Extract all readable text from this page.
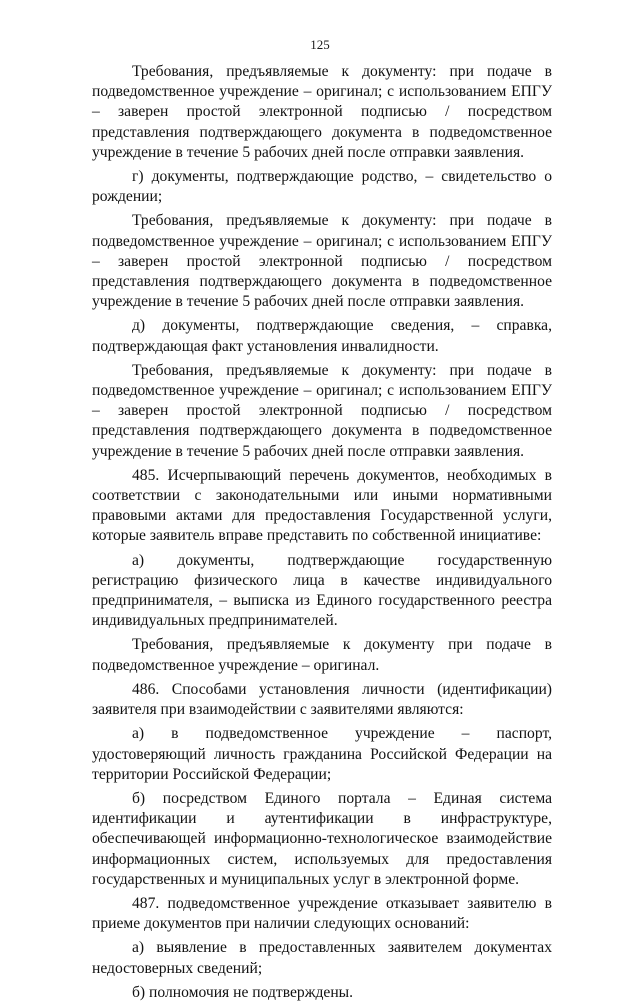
125

Требования, предъявляемые к документу: при подаче в подведомственное учреждение – оригинал; с использованием ЕПГУ – заверен простой электронной подписью / посредством представления подтверждающего документа в подведомственное учреждение в течение 5 рабочих дней после отправки заявления.

г) документы, подтверждающие родство, – свидетельство о рождении;

Требования, предъявляемые к документу: при подаче в подведомственное учреждение – оригинал; с использованием ЕПГУ – заверен простой электронной подписью / посредством представления подтверждающего документа в подведомственное учреждение в течение 5 рабочих дней после отправки заявления.

д) документы, подтверждающие сведения, – справка, подтверждающая факт установления инвалидности.

Требования, предъявляемые к документу: при подаче в подведомственное учреждение – оригинал; с использованием ЕПГУ – заверен простой электронной подписью / посредством представления подтверждающего документа в подведомственное учреждение в течение 5 рабочих дней после отправки заявления.

485. Исчерпывающий перечень документов, необходимых в соответствии с законодательными или иными нормативными правовыми актами для предоставления Государственной услуги, которые заявитель вправе представить по собственной инициативе:

а) документы, подтверждающие государственную регистрацию физического лица в качестве индивидуального предпринимателя, – выписка из Единого государственного реестра индивидуальных предпринимателей.

Требования, предъявляемые к документу при подаче в подведомственное учреждение – оригинал.

486. Способами установления личности (идентификации) заявителя при взаимодействии с заявителями являются:

а) в подведомственное учреждение – паспорт, удостоверяющий личность гражданина Российской Федерации на территории Российской Федерации;

б) посредством Единого портала – Единая система идентификации и аутентификации в инфраструктуре, обеспечивающей информационно-технологическое взаимодействие информационных систем, используемых для предоставления государственных и муниципальных услуг в электронной форме.

487. подведомственное учреждение отказывает заявителю в приеме документов при наличии следующих оснований:

а) выявление в предоставленных заявителем документах недостоверных сведений;

б) полномочия не подтверждены.
